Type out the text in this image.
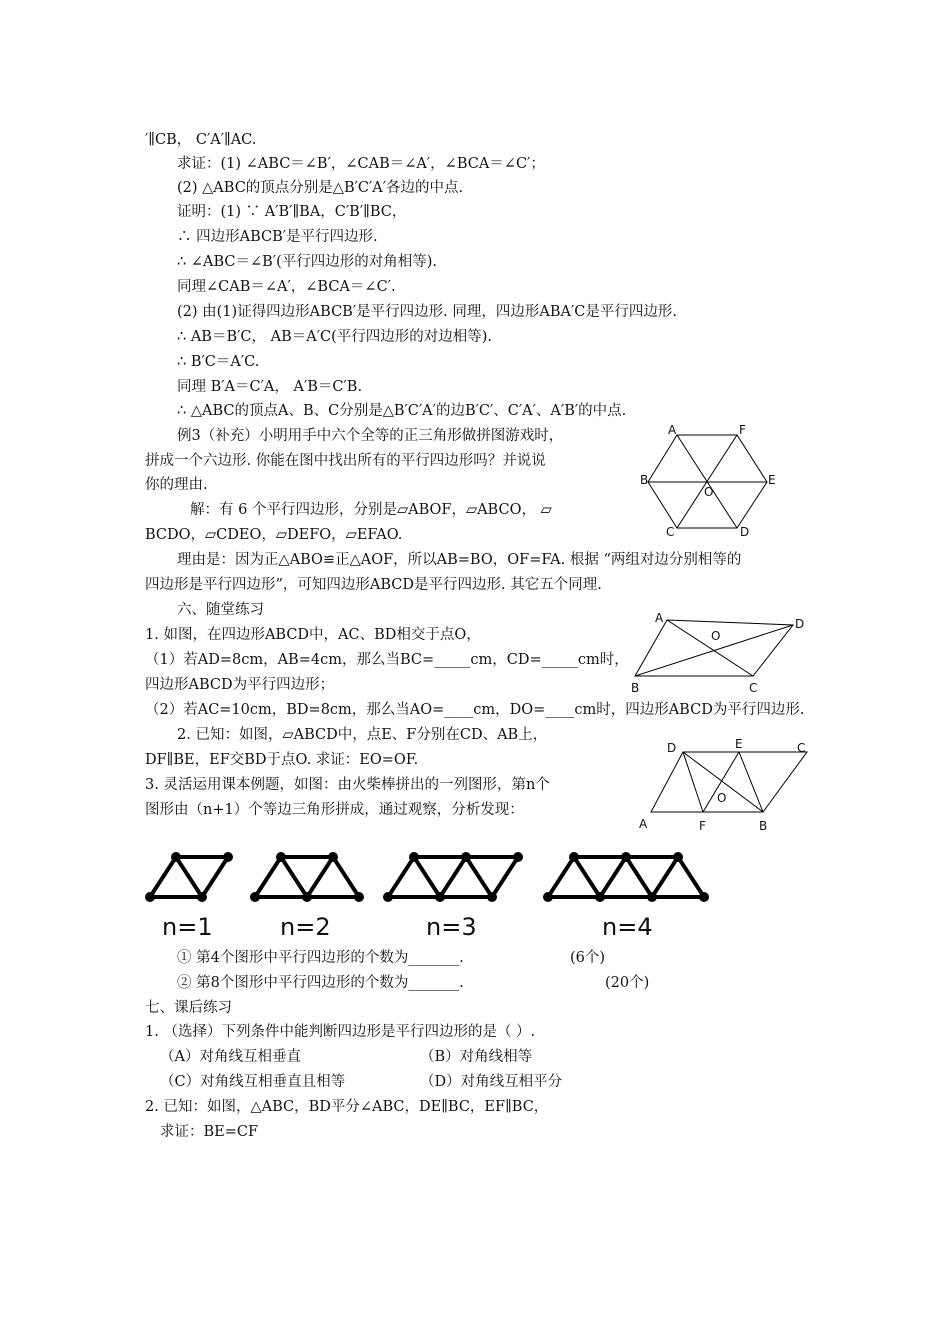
′∥CB， C′A′∥AC.
求证：(1) ∠ABC＝∠B′，∠CAB＝∠A′，∠BCA＝∠C′；
(2) △ABC的顶点分别是△B′C′A′各边的中点.
证明：(1) ∵ A′B′∥BA，C′B′∥BC，
∴ 四边形ABCB′是平行四边形.
∴ ∠ABC＝∠B′(平行四边形的对角相等).
同理∠CAB＝∠A′，∠BCA＝∠C′.
(2) 由(1)证得四边形ABCB′是平行四边形. 同理，四边形ABA′C是平行四边形.
∴ AB＝B′C， AB＝A′C(平行四边形的对边相等).
∴ B′C＝A′C.
同理 B′A＝C′A， A′B＝C′B.
∴ △ABC的顶点A、B、C分别是△B′C′A′的边B′C′、C′A′、A′B′的中点.
例3（补充）小明用手中六个全等的正三角形做拼图游戏时，
拼成一个六边形. 你能在图中找出所有的平行四边形吗？并说说
你的理由.
解：有 6 个平行四边形，分别是▱ABOF，▱ABCO， ▱
BCDO，▱CDEO，▱DEFO，▱EFAO.
理由是：因为正△ABO≌正△AOF，所以AB=BO，OF=FA. 根据 “两组对边分别相等的
四边形是平行四边形”，可知四边形ABCD是平行四边形. 其它五个同理.
六、随堂练习
1. 如图，在四边形ABCD中，AC、BD相交于点O，
（1）若AD=8cm，AB=4cm，那么当BC=_____cm，CD=_____cm时，
四边形ABCD为平行四边形；
（2）若AC=10cm，BD=8cm，那么当AO=____cm，DO=____cm时，四边形ABCD为平行四边形.
2. 已知：如图，▱ABCD中，点E、F分别在CD、AB上，
DF∥BE，EF交BD于点O. 求证：EO=OF.
3. 灵活运用课本例题，如图：由火柴棒拼出的一列图形，第n个
图形由（n+1）个等边三角形拼成，通过观察，分析发现：
① 第4个图形中平行四边形的个数为_______.	(6个)
② 第8个图形中平行四边形的个数为_______.	(20个)
七、课后练习
1. （选择）下列条件中能判断四边形是平行四边形的是（ ）.
（A）对角线互相垂直	（B）对角线相等
（C）对角线互相垂直且相等	（D）对角线互相平分
2. 已知：如图，△ABC，BD平分∠ABC，DE∥BC，EF∥BC，
求证：BE=CF
A	F
B
O
E
C	D
A
O
D
B	C
D	E	C
O
A	F	B
n=1	n=2	n=3	n=4
